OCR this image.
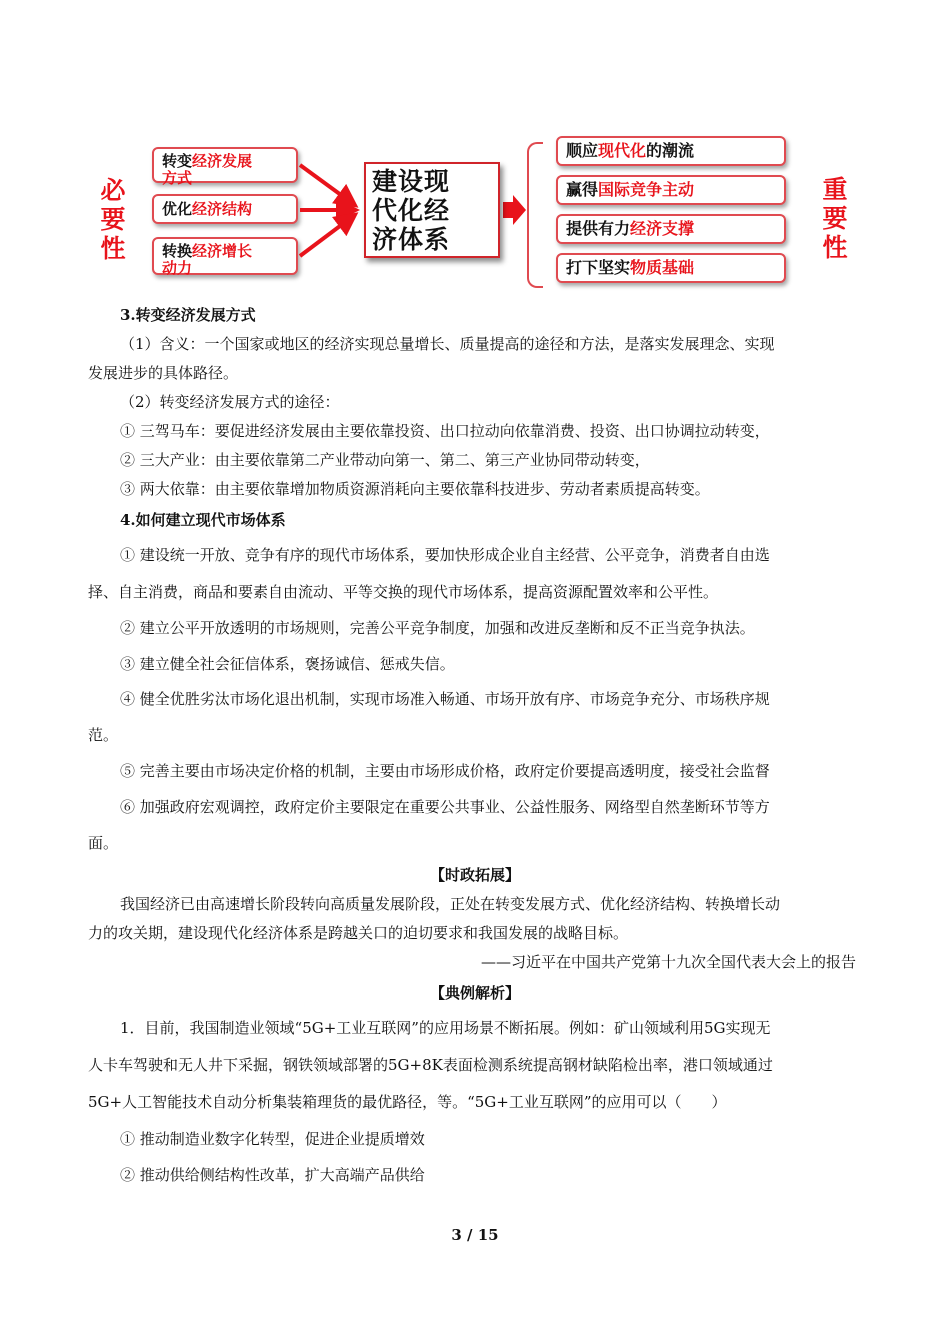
必
要
性
转变经济发展
方式
优化经济结构
转换经济增长
动力
建设现
代化经
济体系
顺应现代化的潮流
赢得国际竞争主动
提供有力经济支撑
打下坚实物质基础
重
要
性
3.转变经济发展方式
（1）含义：一个国家或地区的经济实现总量增长、质量提高的途径和方法，是落实发展理念、实现
发展进步的具体路径。
（2）转变经济发展方式的途径：
① 三驾马车：要促进经济发展由主要依靠投资、出口拉动向依靠消费、投资、出口协调拉动转变，
② 三大产业：由主要依靠第二产业带动向第一、第二、第三产业协同带动转变，
③ 两大依靠：由主要依靠增加物质资源消耗向主要依靠科技进步、劳动者素质提高转变。
4.如何建立现代市场体系
① 建设统一开放、竞争有序的现代市场体系，要加快形成企业自主经营、公平竞争，消费者自由选
择、自主消费，商品和要素自由流动、平等交换的现代市场体系，提高资源配置效率和公平性。
② 建立公平开放透明的市场规则，完善公平竞争制度，加强和改进反垄断和反不正当竞争执法。
③ 建立健全社会征信体系，褒扬诚信、惩戒失信。
④ 健全优胜劣汰市场化退出机制，实现市场准入畅通、市场开放有序、市场竞争充分、市场秩序规
范。
⑤ 完善主要由市场决定价格的机制，主要由市场形成价格，政府定价要提高透明度，接受社会监督
⑥ 加强政府宏观调控，政府定价主要限定在重要公共事业、公益性服务、网络型自然垄断环节等方
面。
【时政拓展】
我国经济已由高速增长阶段转向高质量发展阶段，正处在转变发展方式、优化经济结构、转换增长动
力的攻关期，建设现代化经济体系是跨越关口的迫切要求和我国发展的战略目标。
——习近平在中国共产党第十九次全国代表大会上的报告
【典例解析】
1．目前，我国制造业领域“5G+工业互联网”的应用场景不断拓展。例如：矿山领域利用5G实现无
人卡车驾驶和无人井下采掘，钢铁领域部署的5G+8K表面检测系统提高钢材缺陷检出率，港口领域通过
5G+人工智能技术自动分析集装箱理货的最优路径，等。“5G+工业互联网”的应用可以（　　）
① 推动制造业数字化转型，促进企业提质增效
② 推动供给侧结构性改革，扩大高端产品供给
3 / 15
